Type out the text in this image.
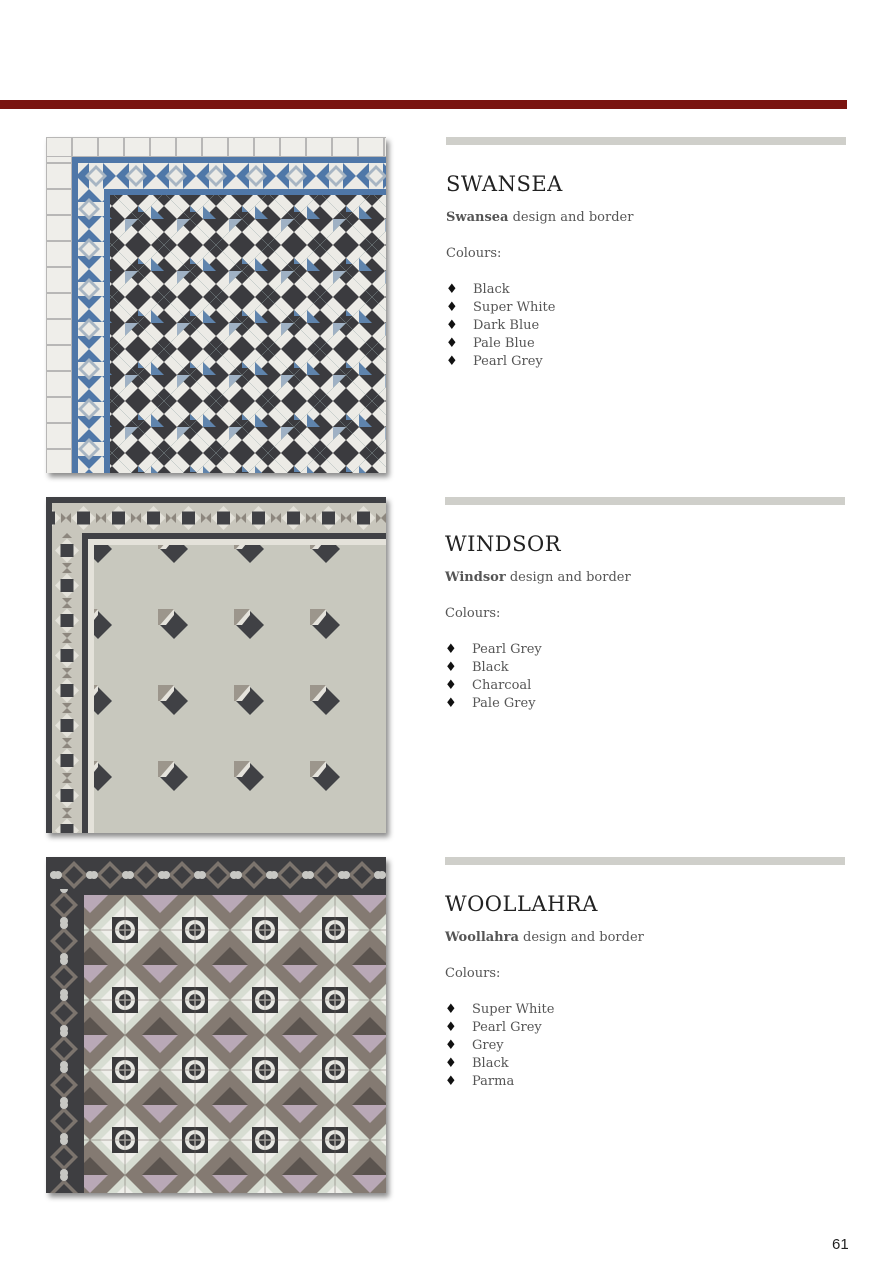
SWANSEA
Swansea design and border
Colours:
♦ Black
♦ Super White
♦ Dark Blue
♦ Pale Blue
♦ Pearl Grey
WINDSOR
Windsor design and border
Colours:
♦ Pearl Grey
♦ Black
♦ Charcoal
♦ Pale Grey
WOOLLAHRA
Woollahra design and border
Colours:
♦ Super White
♦ Pearl Grey
♦ Grey
♦ Black
♦ Parma
61
